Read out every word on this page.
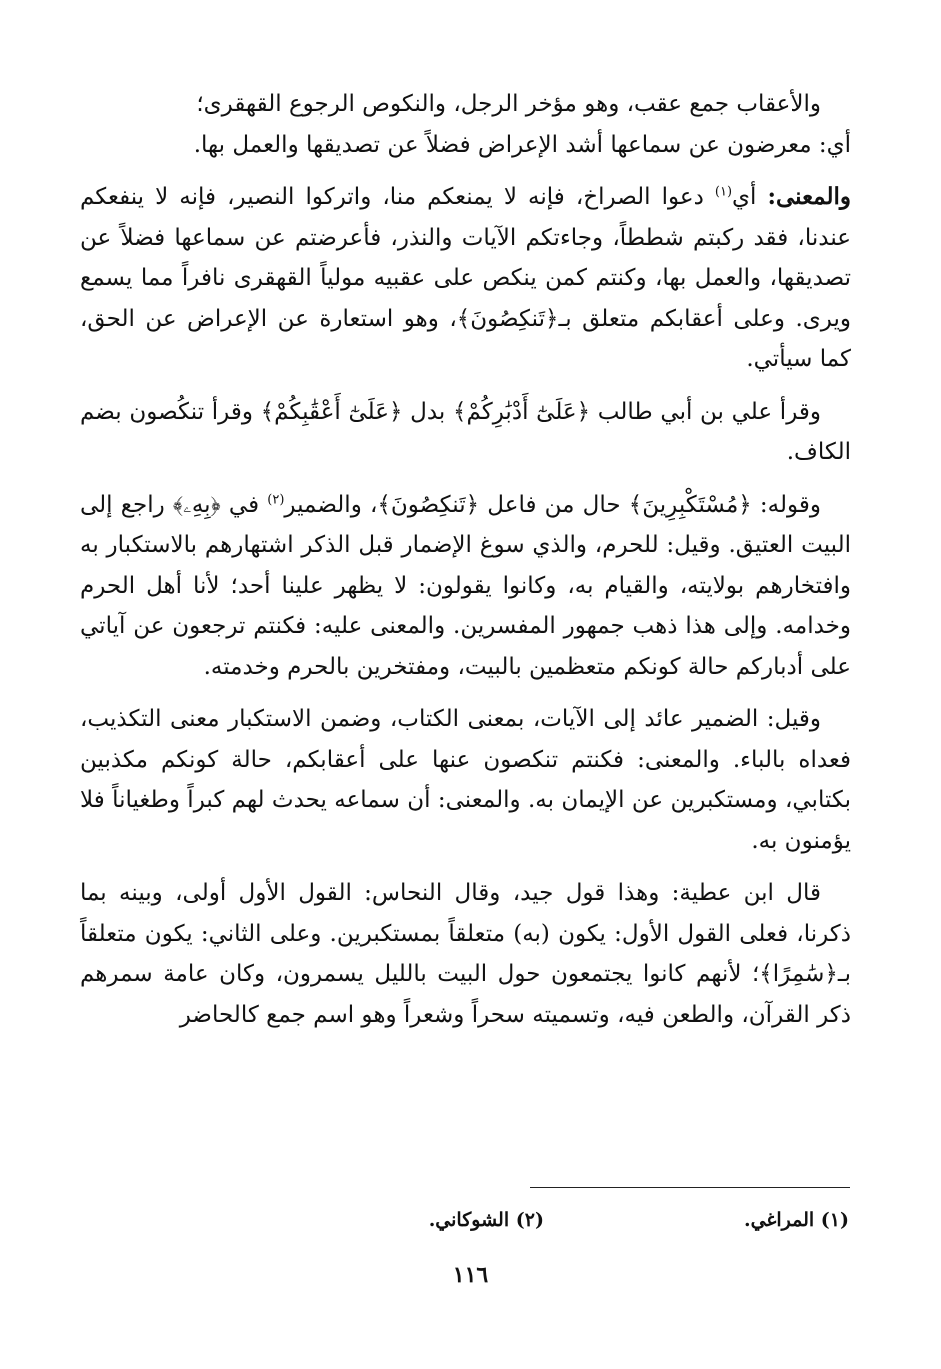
والأعقاب جمع عقب، وهو مؤخر الرجل، والنكوص الرجوع القهقرى؛
أي: معرضون عن سماعها أشد الإعراض فضلاً عن تصديقها والعمل بها.

والمعنى: أي$^{(١)}$ دعوا الصراخ، فإنه لا يمنعكم منا، واتركوا النصير، فإنه لا ينفعكم عندنا، فقد ركبتم شططاً، وجاءتكم الآيات والنذر، فأعرضتم عن سماعها فضلاً عن تصديقها، والعمل بها، وكنتم كمن ينكص على عقبيه مولياً القهقرى نافراً مما يسمع ويرى. وعلى أعقابكم متعلق بـ﴿تَنكِصُونَ﴾، وهو استعارة عن الإعراض عن الحق، كما سيأتي.

وقرأ علي بن أبي طالب ﴿عَلَىٰٓ أَدْبَٰرِكُمْ﴾ بدل ﴿عَلَىٰٓ أَعْقَٰبِكُمْ﴾ وقرأ تنكُصون بضم الكاف.

وقوله: ﴿مُسْتَكْبِرِينَ﴾ حال من فاعل ﴿تَنكِصُونَ﴾، والضمير$^{(٢)}$ في ﴿بِهِۦ﴾ راجع إلى البيت العتيق. وقيل: للحرم، والذي سوغ الإضمار قبل الذكر اشتهارهم بالاستكبار به وافتخارهم بولايته، والقيام به، وكانوا يقولون: لا يظهر علينا أحد؛ لأنا أهل الحرم وخدامه. وإلى هذا ذهب جمهور المفسرين. والمعنى عليه: فكنتم ترجعون عن آياتي على أدباركم حالة كونكم متعظمين بالبيت، ومفتخرين بالحرم وخدمته.

وقيل: الضمير عائد إلى الآيات، بمعنى الكتاب، وضمن الاستكبار معنى التكذيب، فعداه بالباء. والمعنى: فكنتم تنكصون عنها على أعقابكم، حالة كونكم مكذبين بكتابي، ومستكبرين عن الإيمان به. والمعنى: أن سماعه يحدث لهم كبراً وطغياناً فلا يؤمنون به.

قال ابن عطية: وهذا قول جيد، وقال النحاس: القول الأول أولى، وبينه بما ذكرنا، فعلى القول الأول: يكون (به) متعلقاً بمستكبرين. وعلى الثاني: يكون متعلقاً بـ﴿سَٰمِرًا﴾؛ لأنهم كانوا يجتمعون حول البيت بالليل يسمرون، وكان عامة سمرهم ذكر القرآن، والطعن فيه، وتسميته سحراً وشعراً وهو اسم جمع كالحاضر

(١) المراغي.
(٢) الشوكاني.
١١٦
